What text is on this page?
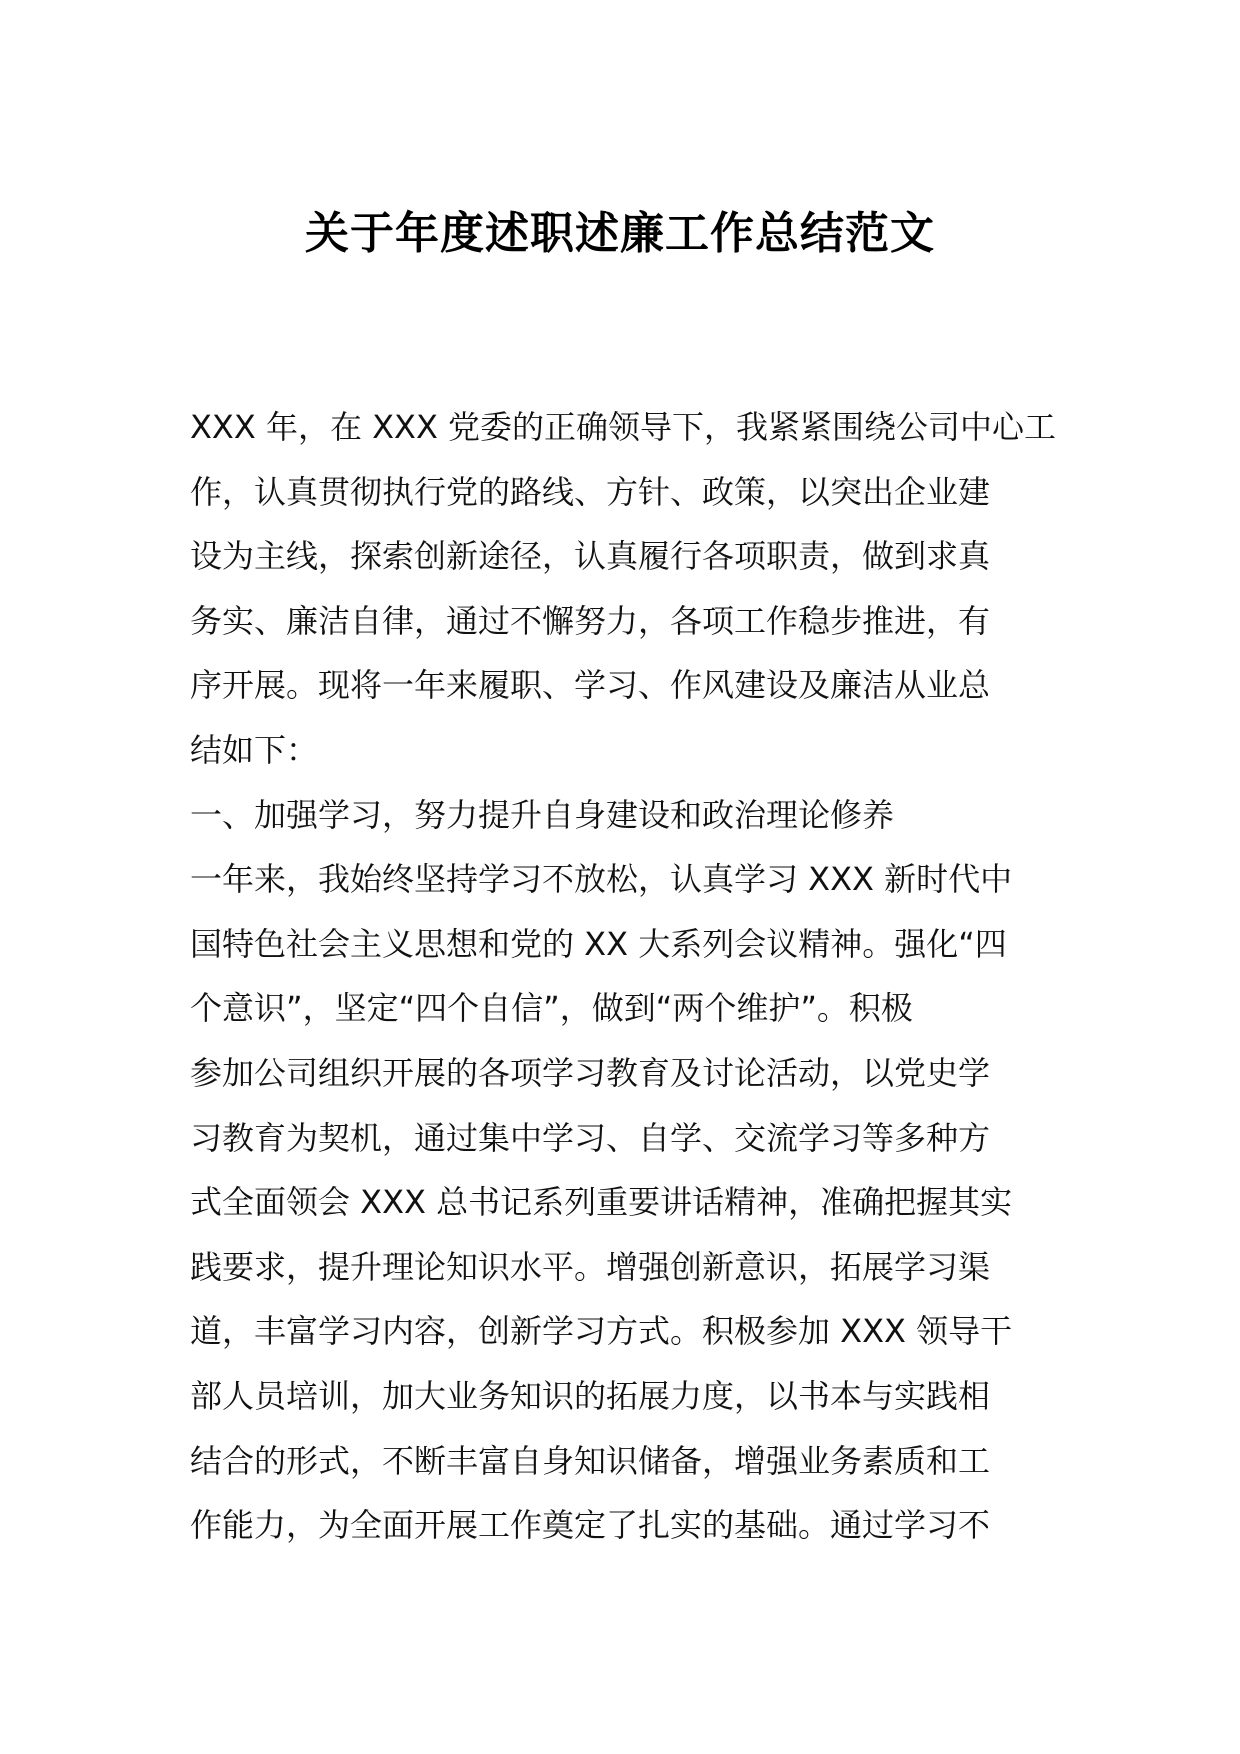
关于年度述职述廉工作总结范文
XXX 年，在 XXX 党委的正确领导下，我紧紧围绕公司中心工
作，认真贯彻执行党的路线、方针、政策，以突出企业建
设为主线，探索创新途径，认真履行各项职责，做到求真
务实、廉洁自律，通过不懈努力，各项工作稳步推进，有
序开展。现将一年来履职、学习、作风建设及廉洁从业总
结如下：
一、加强学习，努力提升自身建设和政治理论修养
一年来，我始终坚持学习不放松，认真学习 XXX 新时代中
国特色社会主义思想和党的 XX 大系列会议精神。强化“四
个意识”，坚定“四个自信”，做到“两个维护”。积极
参加公司组织开展的各项学习教育及讨论活动，以党史学
习教育为契机，通过集中学习、自学、交流学习等多种方
式全面领会 XXX 总书记系列重要讲话精神，准确把握其实
践要求，提升理论知识水平。增强创新意识，拓展学习渠
道，丰富学习内容，创新学习方式。积极参加 XXX 领导干
部人员培训，加大业务知识的拓展力度，以书本与实践相
结合的形式，不断丰富自身知识储备，增强业务素质和工
作能力，为全面开展工作奠定了扎实的基础。通过学习不
